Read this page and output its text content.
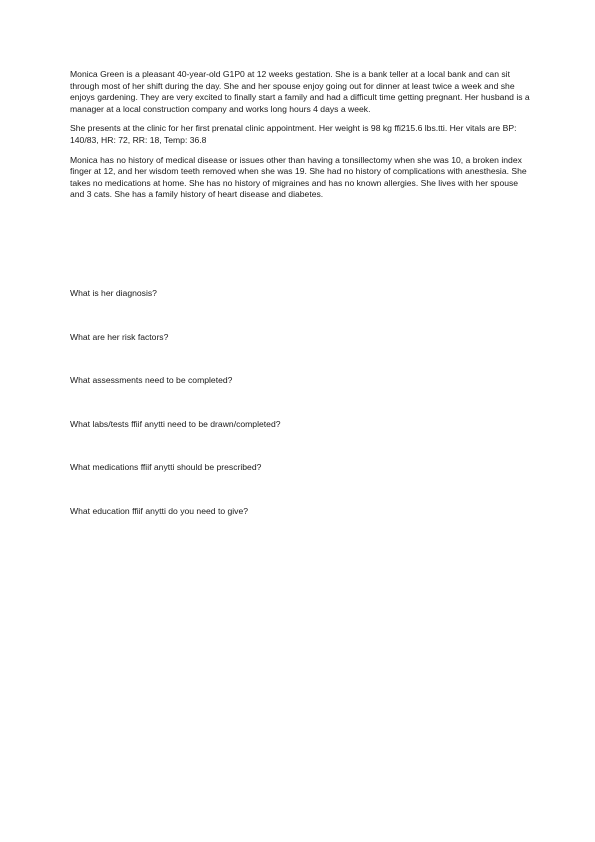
Monica Green is a pleasant 40-year-old G1P0 at 12 weeks gestation. She is a bank teller at a local bank and can sit through most of her shift during the day. She and her spouse enjoy going out for dinner at least twice a week and she enjoys gardening. They are very excited to finally start a family and had a difficult time getting pregnant. Her husband is a manager at a local construction company and works long hours 4 days a week.

She presents at the clinic for her first prenatal clinic appointment. Her weight is 98 kg ffi215.6 lbs.tti. Her vitals are BP: 140/83, HR: 72, RR: 18, Temp: 36.8

Monica has no history of medical disease or issues other than having a tonsillectomy when she was 10, a broken index finger at 12, and her wisdom teeth removed when she was 19. She had no history of complications with anesthesia. She takes no medications at home. She has no history of migraines and has no known allergies. She lives with her spouse and 3 cats. She has a family history of heart disease and diabetes.

What is her diagnosis?

What are her risk factors?

What assessments need to be completed?

What labs/tests ffiif anytti need to be drawn/completed?

What medications ffiif anytti should be prescribed?

What education ffiif anytti do you need to give?
